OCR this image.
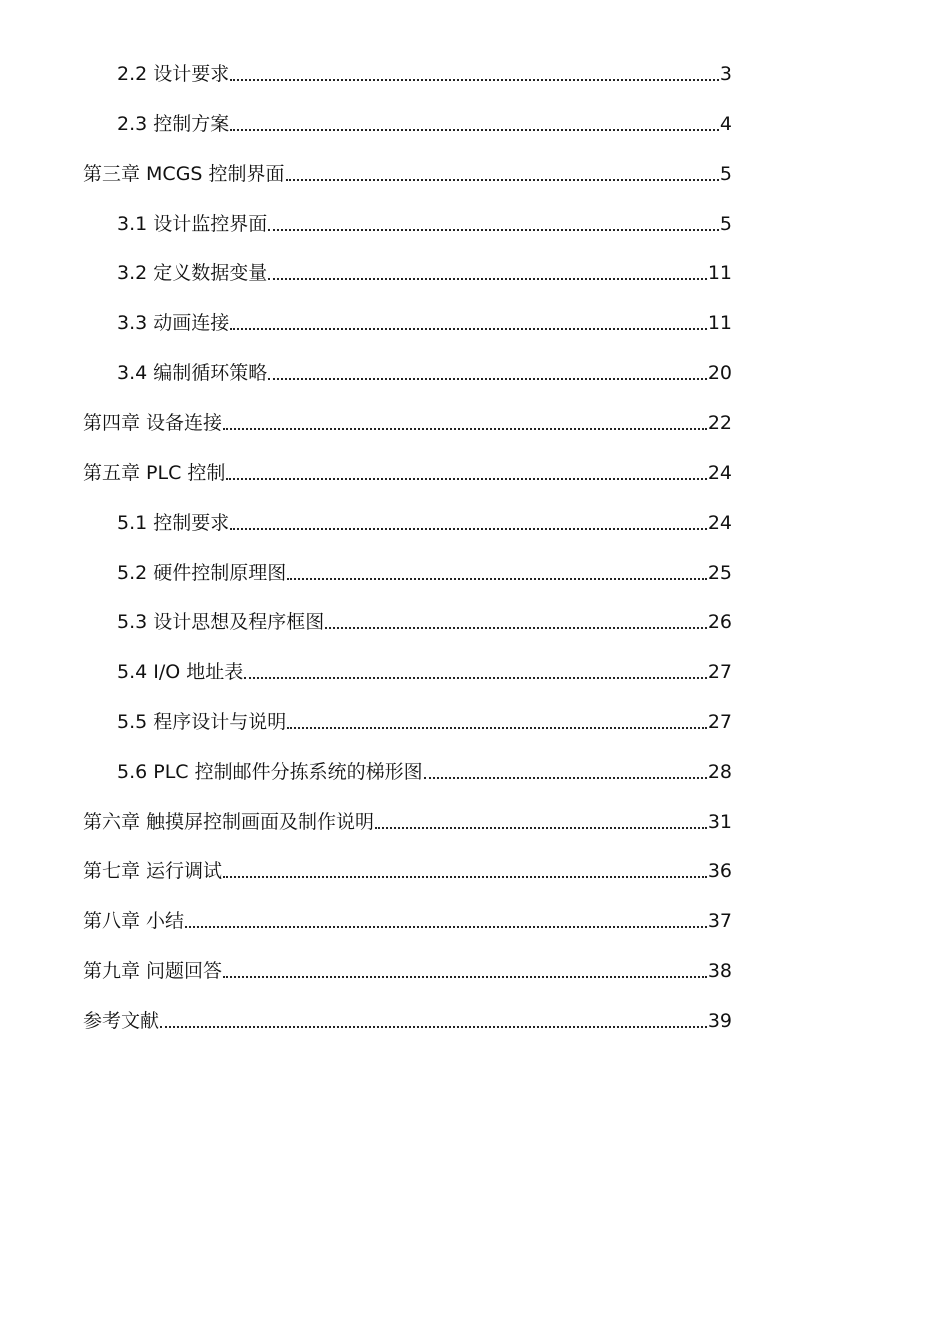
2.2 设计要求	3
2.3 控制方案	4
第三章 MCGS 控制界面	5
3.1 设计监控界面	5
3.2 定义数据变量	11
3.3 动画连接	11
3.4 编制循环策略	20
第四章 设备连接	22
第五章 PLC 控制	24
5.1 控制要求	24
5.2 硬件控制原理图	25
5.3 设计思想及程序框图	26
5.4 I/O 地址表	27
5.5 程序设计与说明	27
5.6 PLC 控制邮件分拣系统的梯形图	28
第六章 触摸屏控制画面及制作说明	31
第七章 运行调试	36
第八章 小结	37
第九章 问题回答	38
参考文献	39
